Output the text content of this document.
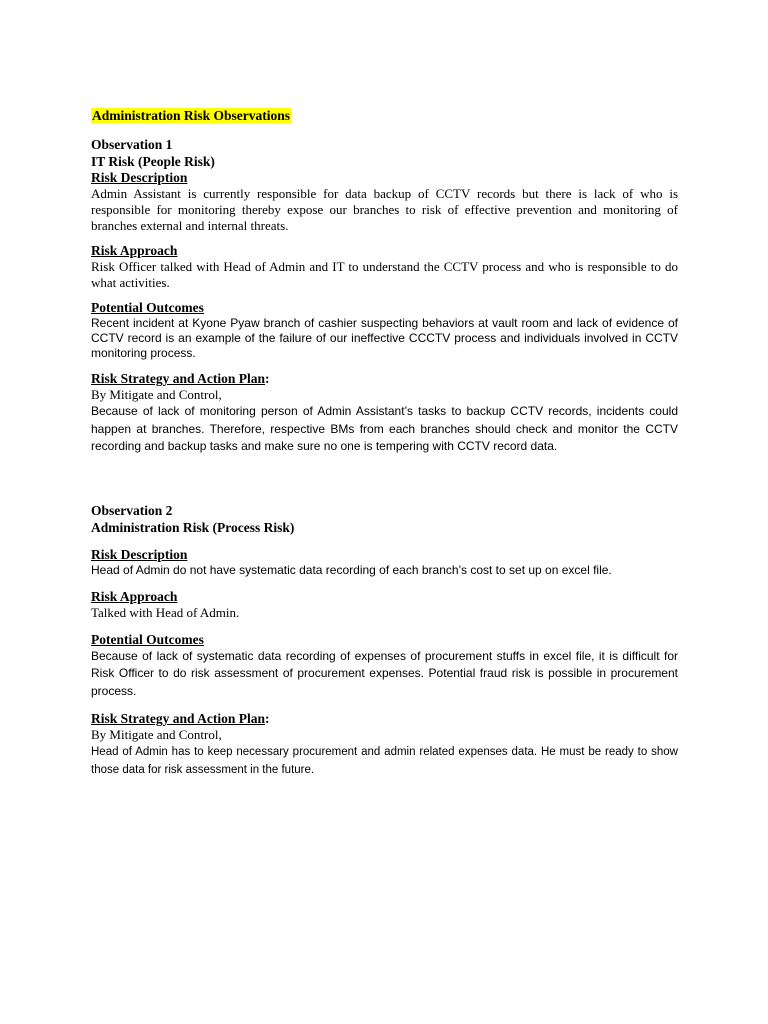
Administration Risk Observations

Observation 1

IT Risk (People Risk)

Risk Description

Admin Assistant is currently responsible for data backup of CCTV records but there is lack of who is responsible for monitoring thereby expose our branches to risk of effective prevention and monitoring of branches external and internal threats.

Risk Approach

Risk Officer talked with Head of Admin and IT to understand the CCTV process and who is responsible to do what activities.

Potential Outcomes

Recent incident at Kyone Pyaw branch of cashier suspecting behaviors at vault room and lack of evidence of CCTV record is an example of the failure of our ineffective CCCTV process and individuals involved in CCTV monitoring process.

Risk Strategy and Action Plan:

By Mitigate and Control,

Because of lack of monitoring person of Admin Assistant’s tasks to backup CCTV records, incidents could happen at branches. Therefore, respective BMs from each branches should check and monitor the CCTV recording and backup tasks and make sure no one is tempering with CCTV record data.

Observation 2

Administration Risk (Process Risk)

Risk Description

Head of Admin do not have systematic data recording of each branch’s cost to set up on excel file.

Risk Approach

Talked with Head of Admin.

Potential Outcomes

Because of lack of systematic data recording of expenses of procurement stuffs in excel file, it is difficult for Risk Officer to do risk assessment of procurement expenses. Potential fraud risk is possible in procurement process.

Risk Strategy and Action Plan:

By Mitigate and Control,

Head of Admin has to keep necessary procurement and admin related expenses data. He must be ready to show those data for risk assessment in the future.
